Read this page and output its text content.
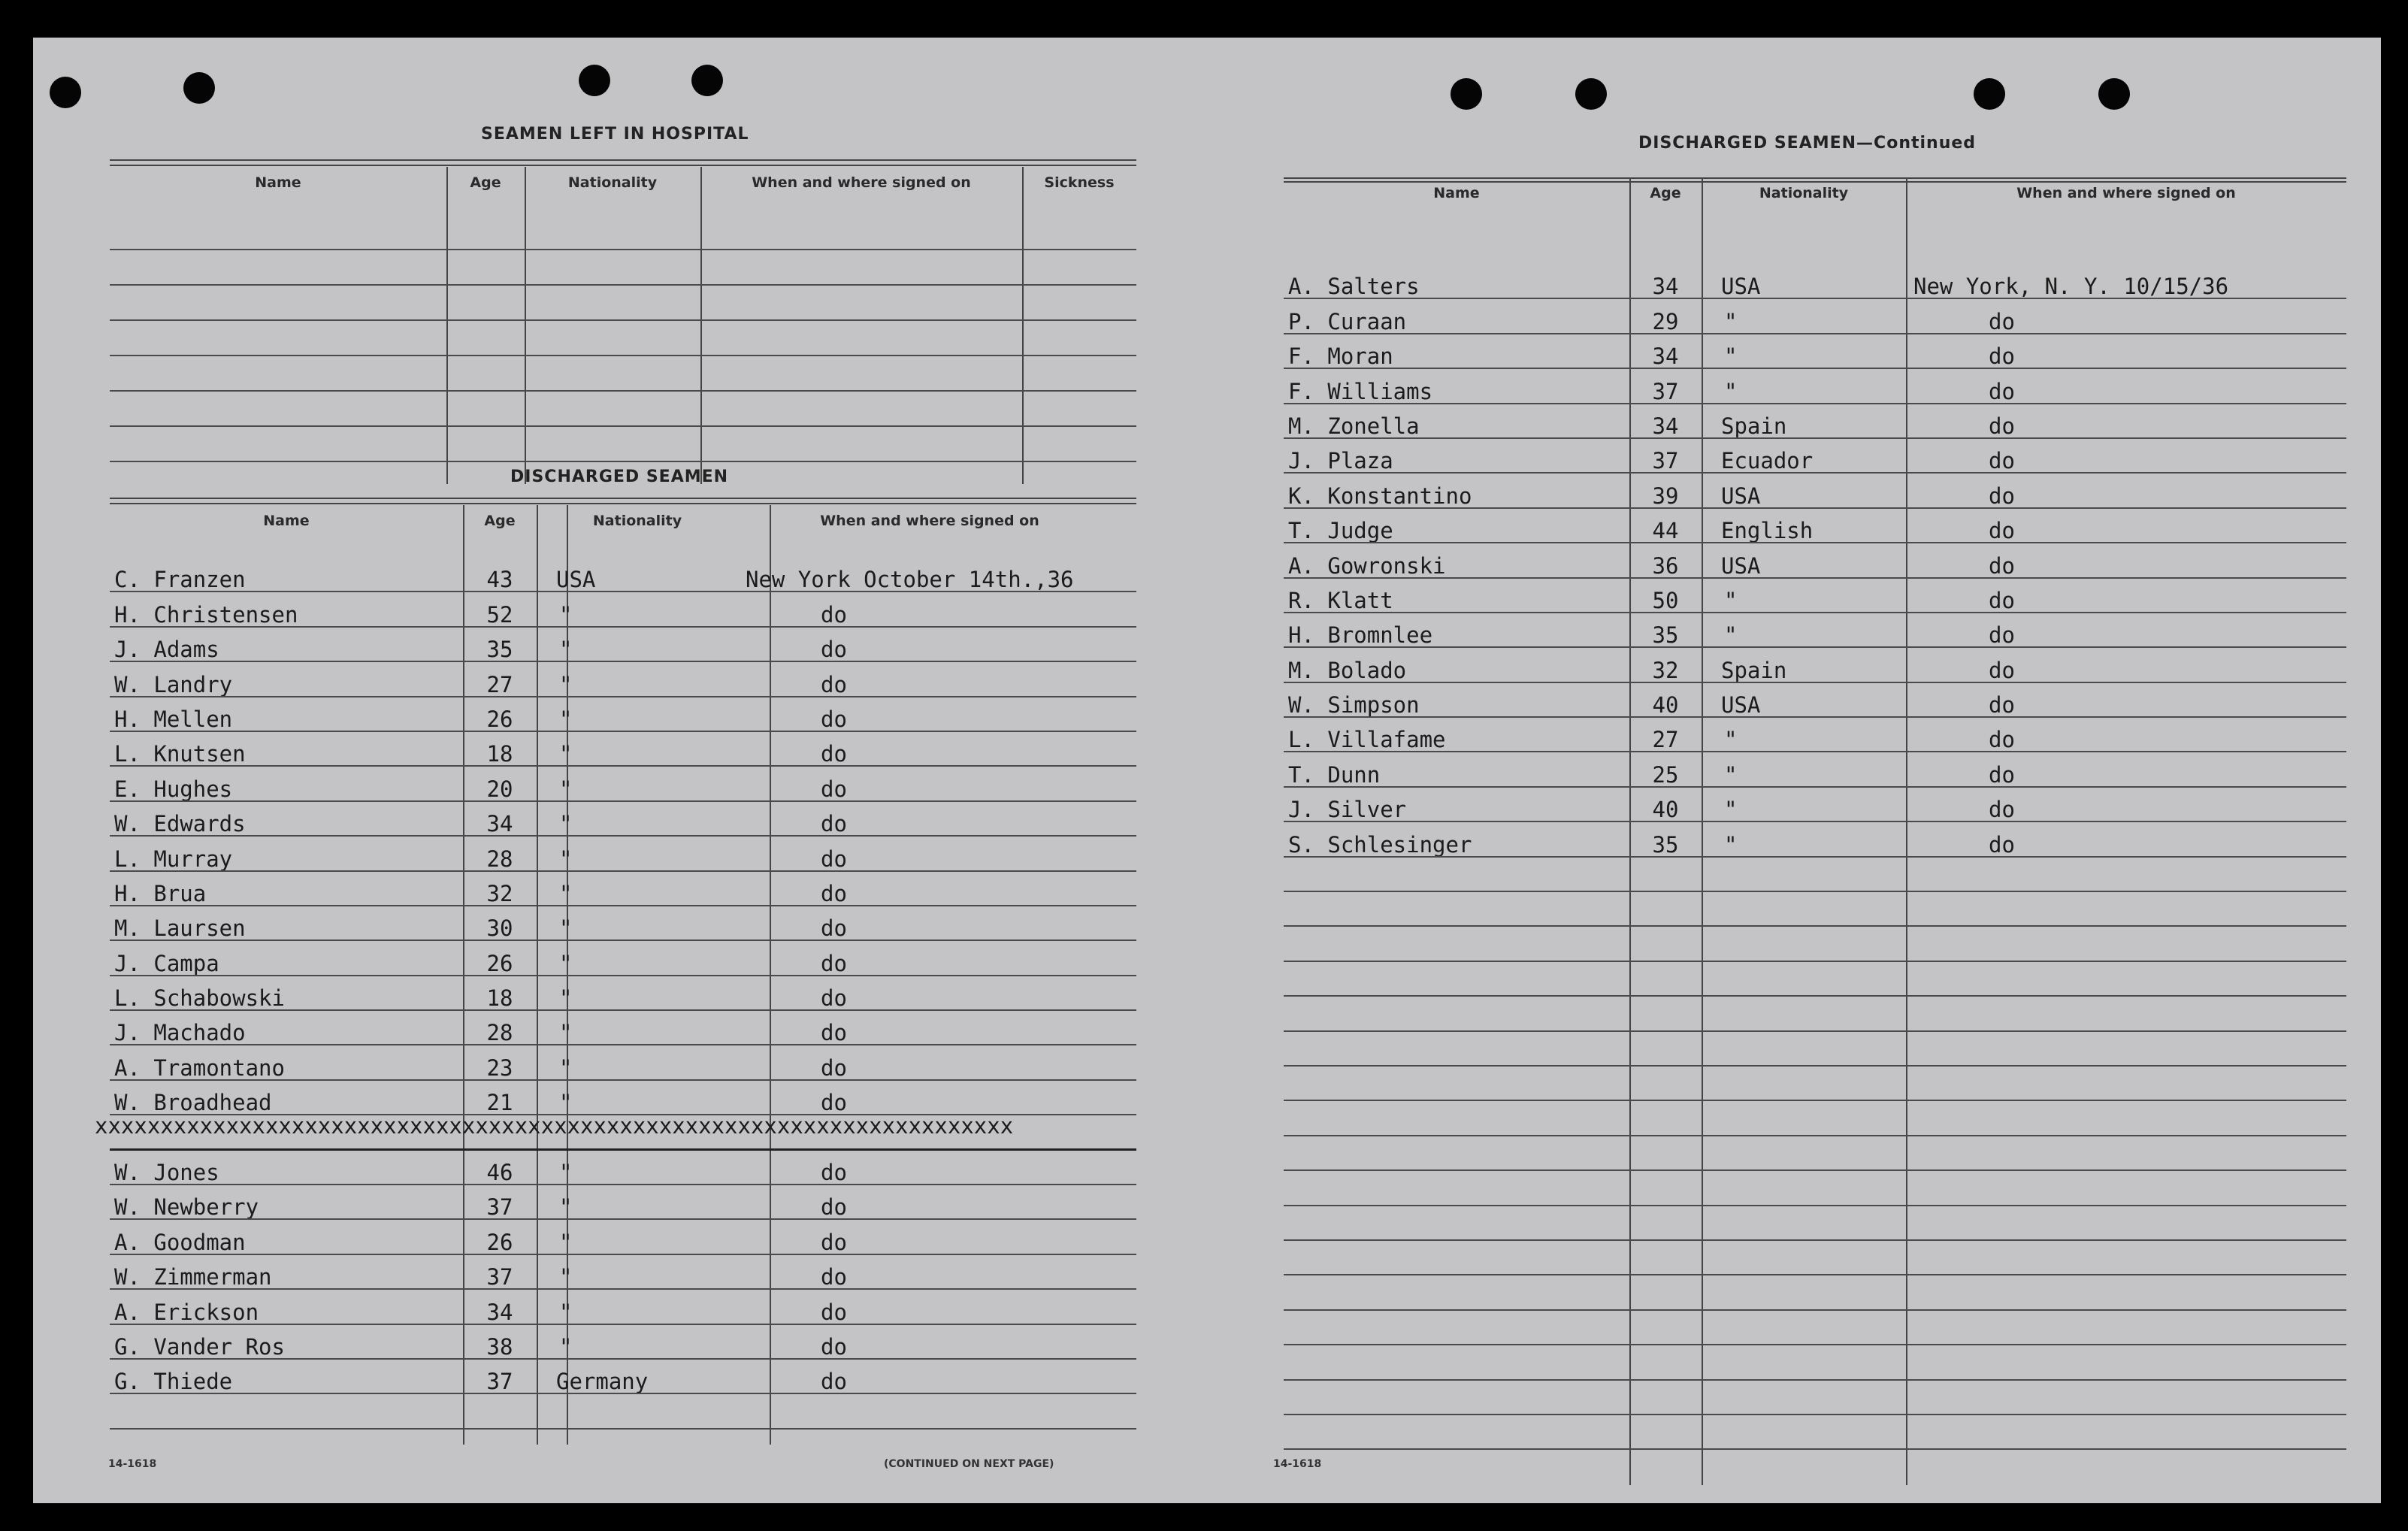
SEAMEN LEFT IN HOSPITAL
Name	Age	Nationality	When and where signed on	Sickness
DISCHARGED SEAMEN
Name	Age	Nationality	When and where signed on
C. Franzen	43	USA	New York October 14th.,36
H. Christensen	52	"	do
J. Adams	35	"	do
W. Landry	27	"	do
H. Mellen	26	"	do
L. Knutsen	18	"	do
E. Hughes	20	"	do
W. Edwards	34	"	do
L. Murray	28	"	do
H. Brua	32	"	do
M. Laursen	30	"	do
J. Campa	26	"	do
L. Schabowski	18	"	do
J. Machado	28	"	do
A. Tramontano	23	"	do
W. Broadhead	21	"	do
xxxxxxxxxxxxxxxxxxxxxxxxxxxxxxxxxxxxxxxxxxxxxxxxxxxxxxxxxxxxxxxxxxxxxx
W. Jones	46	"	do
W. Newberry	37	"	do
A. Goodman	26	"	do
W. Zimmerman	37	"	do
A. Erickson	34	"	do
G. Vander Ros	38	"	do
G. Thiede	37	Germany	do
14-1618	(CONTINUED ON NEXT PAGE)
DISCHARGED SEAMEN—Continued
Name	Age	Nationality	When and where signed on
A. Salters	34	USA	New York, N. Y. 10/15/36
P. Curaan	29	"	do
F. Moran	34	"	do
F. Williams	37	"	do
M. Zonella	34	Spain	do
J. Plaza	37	Ecuador	do
K. Konstantino	39	USA	do
T. Judge	44	English	do
A. Gowronski	36	USA	do
R. Klatt	50	"	do
H. Bromnlee	35	"	do
M. Bolado	32	Spain	do
W. Simpson	40	USA	do
L. Villafame	27	"	do
T. Dunn	25	"	do
J. Silver	40	"	do
S. Schlesinger	35	"	do
14-1618
